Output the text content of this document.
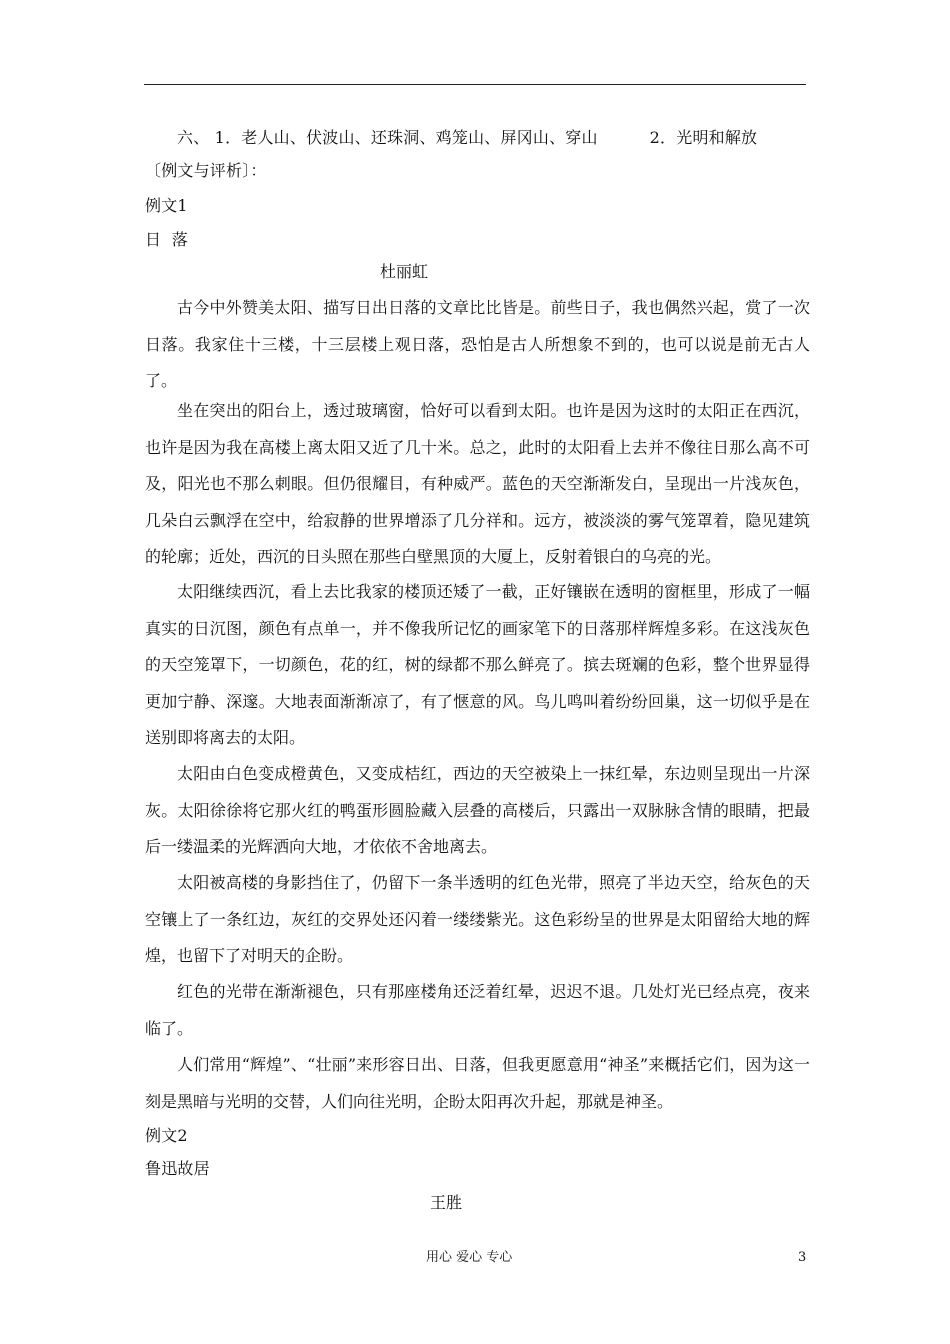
六、 1．老人山、伏波山、还珠洞、鸡笼山、屏冈山、穿山	2．光明和解放
〔例文与评析〕：
例文1
日  落
杜丽虹

古今中外赞美太阳、描写日出日落的文章比比皆是。前些日子，我也偶然兴起，赏了一次日落。我家住十三楼，十三层楼上观日落，恐怕是古人所想象不到的，也可以说是前无古人了。

坐在突出的阳台上，透过玻璃窗，恰好可以看到太阳。也许是因为这时的太阳正在西沉，也许是因为我在高楼上离太阳又近了几十米。总之，此时的太阳看上去并不像往日那么高不可及，阳光也不那么刺眼。但仍很耀目，有种威严。蓝色的天空渐渐发白，呈现出一片浅灰色，几朵白云飘浮在空中，给寂静的世界增添了几分祥和。远方，被淡淡的雾气笼罩着，隐见建筑的轮廓；近处，西沉的日头照在那些白壁黑顶的大厦上，反射着银白的乌亮的光。

太阳继续西沉，看上去比我家的楼顶还矮了一截，正好镶嵌在透明的窗框里，形成了一幅真实的日沉图，颜色有点单一，并不像我所记忆的画家笔下的日落那样辉煌多彩。在这浅灰色的天空笼罩下，一切颜色，花的红，树的绿都不那么鲜亮了。摈去斑斓的色彩，整个世界显得更加宁静、深邃。大地表面渐渐凉了，有了惬意的风。鸟儿鸣叫着纷纷回巢，这一切似乎是在送别即将离去的太阳。

太阳由白色变成橙黄色，又变成桔红，西边的天空被染上一抹红晕，东边则呈现出一片深灰。太阳徐徐将它那火红的鸭蛋形圆脸藏入层叠的高楼后，只露出一双脉脉含情的眼睛，把最后一缕温柔的光辉洒向大地，才依依不舍地离去。

太阳被高楼的身影挡住了，仍留下一条半透明的红色光带，照亮了半边天空，给灰色的天空镶上了一条红边，灰红的交界处还闪着一缕缕紫光。这色彩纷呈的世界是太阳留给大地的辉煌，也留下了对明天的企盼。

红色的光带在渐渐褪色，只有那座楼角还泛着红晕，迟迟不退。几处灯光已经点亮，夜来临了。

人们常用“辉煌”、“壮丽”来形容日出、日落，但我更愿意用“神圣”来概括它们，因为这一刻是黑暗与光明的交替，人们向往光明，企盼太阳再次升起，那就是神圣。

例文2
鲁迅故居
王胜
用心 爱心 专心	3
